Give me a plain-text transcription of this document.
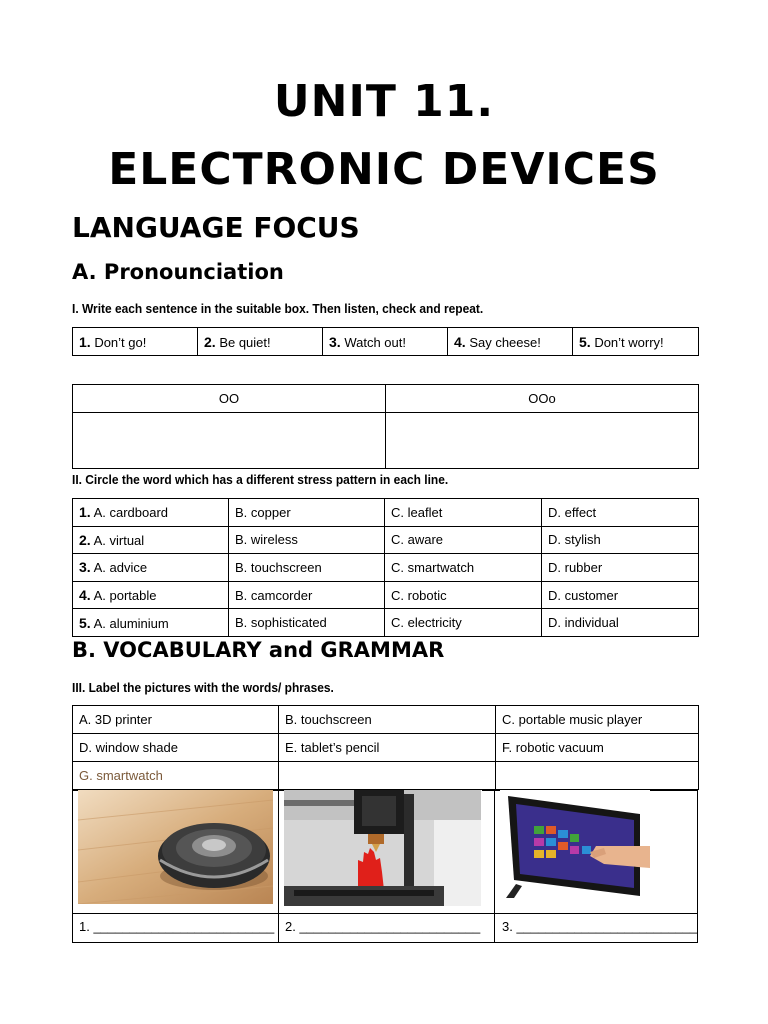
UNIT 11.
ELECTRONIC DEVICES
LANGUAGE FOCUS
A. Pronounciation
I. Write each sentence in the suitable box. Then listen, check and repeat.
1. Don’t go!	2. Be quiet!	3. Watch out!	4. Say cheese!	5. Don’t worry!
OO	OOo

II. Circle the word which has a different stress pattern in each line.
1. A. cardboard	B. copper	C. leaflet	D. effect
2. A. virtual	B. wireless	C. aware	D. stylish
3. A. advice	B. touchscreen	C. smartwatch	D. rubber
4. A. portable	B. camcorder	C. robotic	D. customer
5. A. aluminium	B. sophisticated	C. electricity	D. individual
B. VOCABULARY and GRAMMAR
III. Label the pictures with the words/ phrases.
A. 3D printer	B. touchscreen	C. portable music player
D. window shade	E. tablet’s pencil	F. robotic vacuum
G. smartwatch		
1. _________________________ 2. _________________________	3. _________________________
